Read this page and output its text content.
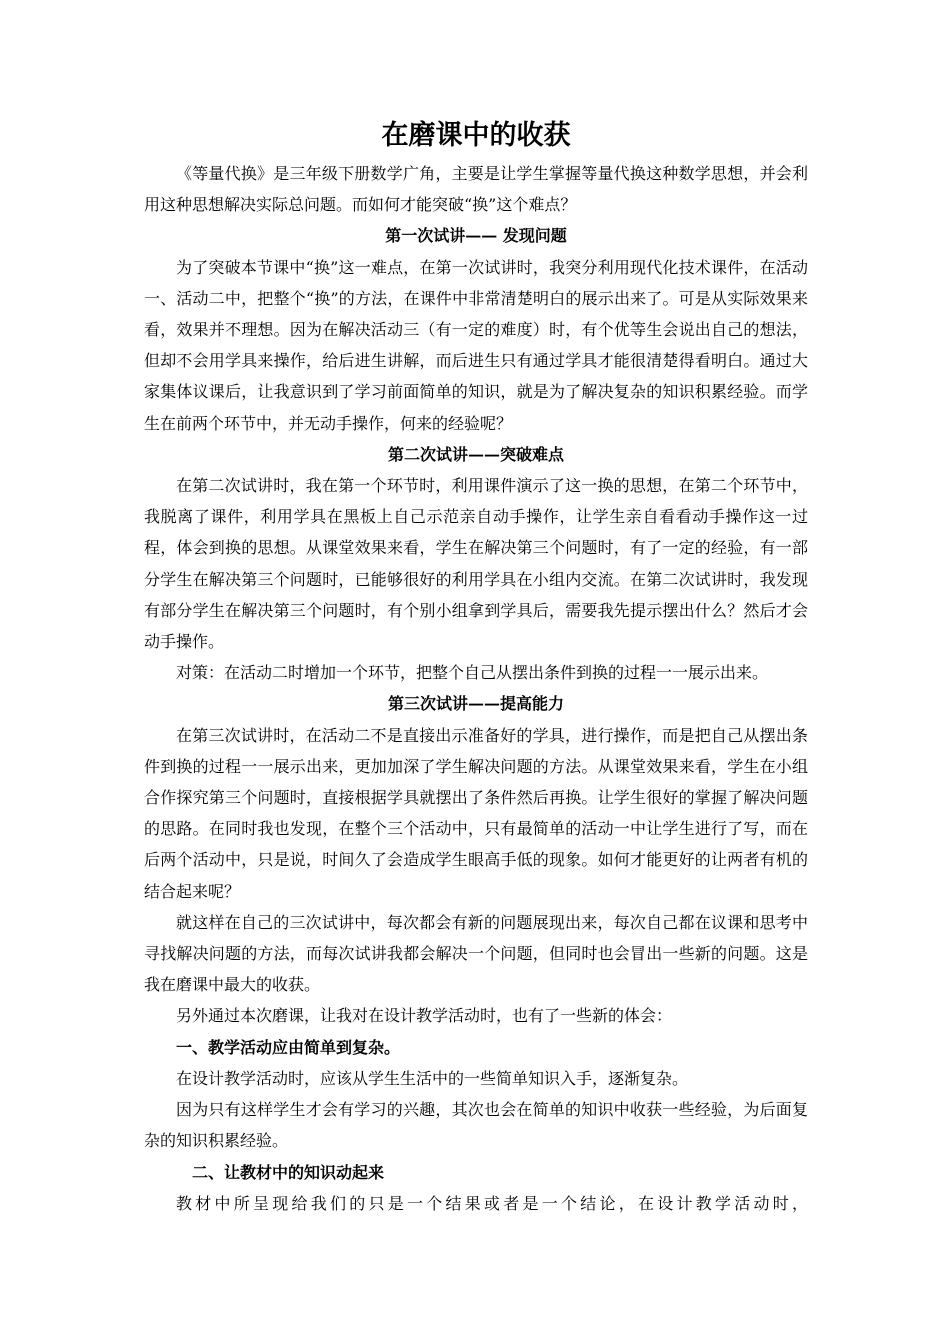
在磨课中的收获

《等量代换》是三年级下册数学广角，主要是让学生掌握等量代换这种数学思想，并会利用这种思想解决实际总问题。而如何才能突破“换”这个难点？

第一次试讲—— 发现问题

为了突破本节课中“换”这一难点，在第一次试讲时，我突分利用现代化技术课件，在活动一、活动二中，把整个“换”的方法，在课件中非常清楚明白的展示出来了。可是从实际效果来看，效果并不理想。因为在解决活动三（有一定的难度）时，有个优等生会说出自己的想法，但却不会用学具来操作，给后进生讲解，而后进生只有通过学具才能很清楚得看明白。通过大家集体议课后，让我意识到了学习前面简单的知识，就是为了解决复杂的知识积累经验。而学生在前两个环节中，并无动手操作，何来的经验呢？

第二次试讲——突破难点

在第二次试讲时，我在第一个环节时，利用课件演示了这一换的思想，在第二个环节中，我脱离了课件，利用学具在黑板上自己示范亲自动手操作，让学生亲自看看动手操作这一过程，体会到换的思想。从课堂效果来看，学生在解决第三个问题时，有了一定的经验，有一部分学生在解决第三个问题时，已能够很好的利用学具在小组内交流。在第二次试讲时，我发现有部分学生在解决第三个问题时，有个别小组拿到学具后，需要我先提示摆出什么？然后才会动手操作。

对策：在活动二时增加一个环节，把整个自己从摆出条件到换的过程一一展示出来。

第三次试讲——提高能力

在第三次试讲时，在活动二不是直接出示准备好的学具，进行操作，而是把自己从摆出条件到换的过程一一展示出来，更加加深了学生解决问题的方法。从课堂效果来看，学生在小组合作探究第三个问题时，直接根据学具就摆出了条件然后再换。让学生很好的掌握了解决问题的思路。在同时我也发现，在整个三个活动中，只有最简单的活动一中让学生进行了写，而在后两个活动中，只是说，时间久了会造成学生眼高手低的现象。如何才能更好的让两者有机的结合起来呢？

就这样在自己的三次试讲中，每次都会有新的问题展现出来，每次自己都在议课和思考中寻找解决问题的方法，而每次试讲我都会解决一个问题，但同时也会冒出一些新的问题。这是我在磨课中最大的收获。

另外通过本次磨课，让我对在设计教学活动时，也有了一些新的体会：

一、教学活动应由简单到复杂。

在设计教学活动时，应该从学生生活中的一些简单知识入手，逐渐复杂。

因为只有这样学生才会有学习的兴趣，其次也会在简单的知识中收获一些经验，为后面复杂的知识积累经验。

二、让教材中的知识动起来

教材中所呈现给我们的只是一个结果或者是一个结论，在设计教学活动时，
